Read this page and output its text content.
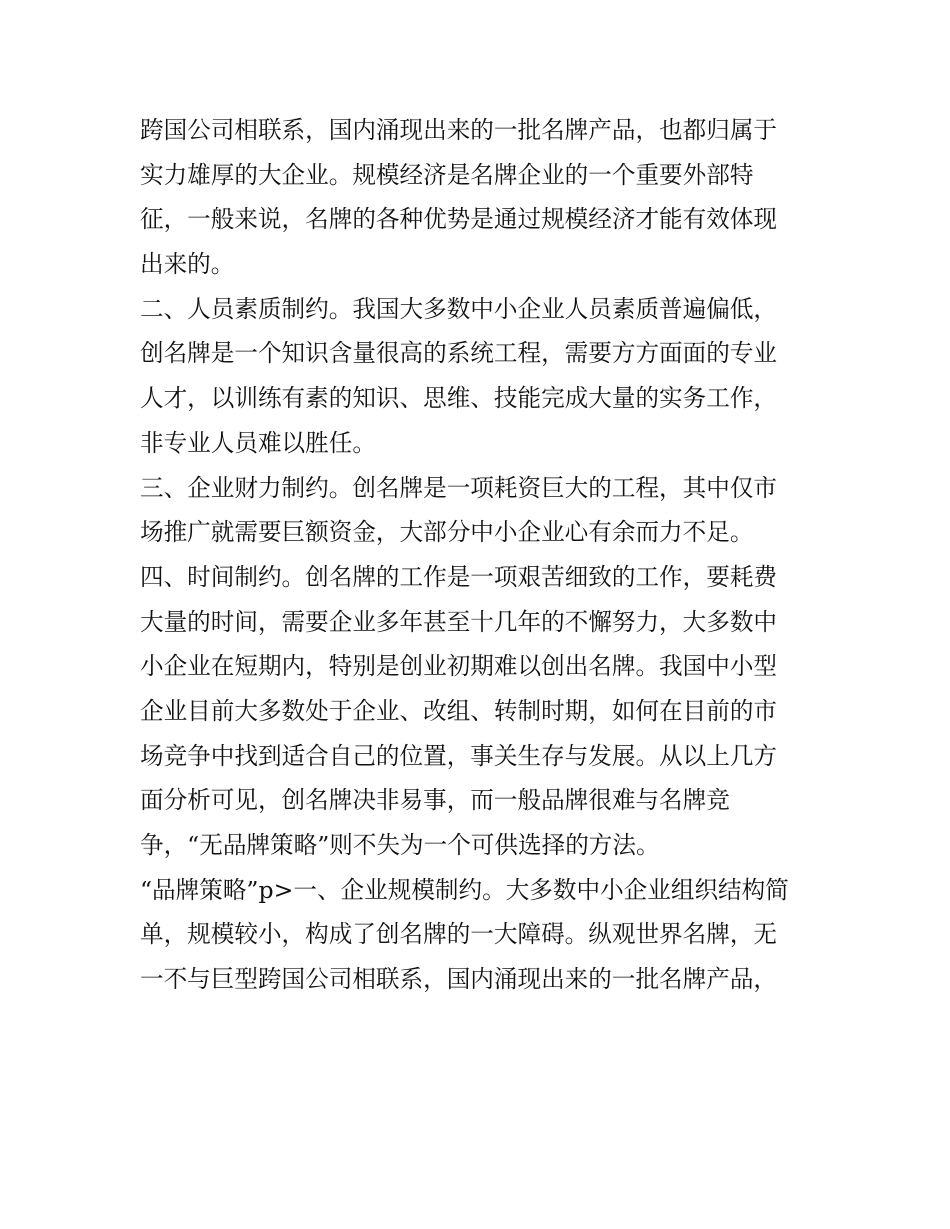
跨国公司相联系，国内涌现出来的一批名牌产品，也都归属于
实力雄厚的大企业。规模经济是名牌企业的一个重要外部特
征，一般来说，名牌的各种优势是通过规模经济才能有效体现
出来的。
二、人员素质制约。我国大多数中小企业人员素质普遍偏低，
创名牌是一个知识含量很高的系统工程，需要方方面面的专业
人才，以训练有素的知识、思维、技能完成大量的实务工作，
非专业人员难以胜任。
三、企业财力制约。创名牌是一项耗资巨大的工程，其中仅市
场推广就需要巨额资金，大部分中小企业心有余而力不足。
四、时间制约。创名牌的工作是一项艰苦细致的工作，要耗费
大量的时间，需要企业多年甚至十几年的不懈努力，大多数中
小企业在短期内，特别是创业初期难以创出名牌。我国中小型
企业目前大多数处于企业、改组、转制时期，如何在目前的市
场竞争中找到适合自己的位置，事关生存与发展。从以上几方
面分析可见，创名牌决非易事，而一般品牌很难与名牌竞
争，“无品牌策略”则不失为一个可供选择的方法。
“品牌策略”p>一、企业规模制约。大多数中小企业组织结构简
单，规模较小，构成了创名牌的一大障碍。纵观世界名牌，无
一不与巨型跨国公司相联系，国内涌现出来的一批名牌产品，
